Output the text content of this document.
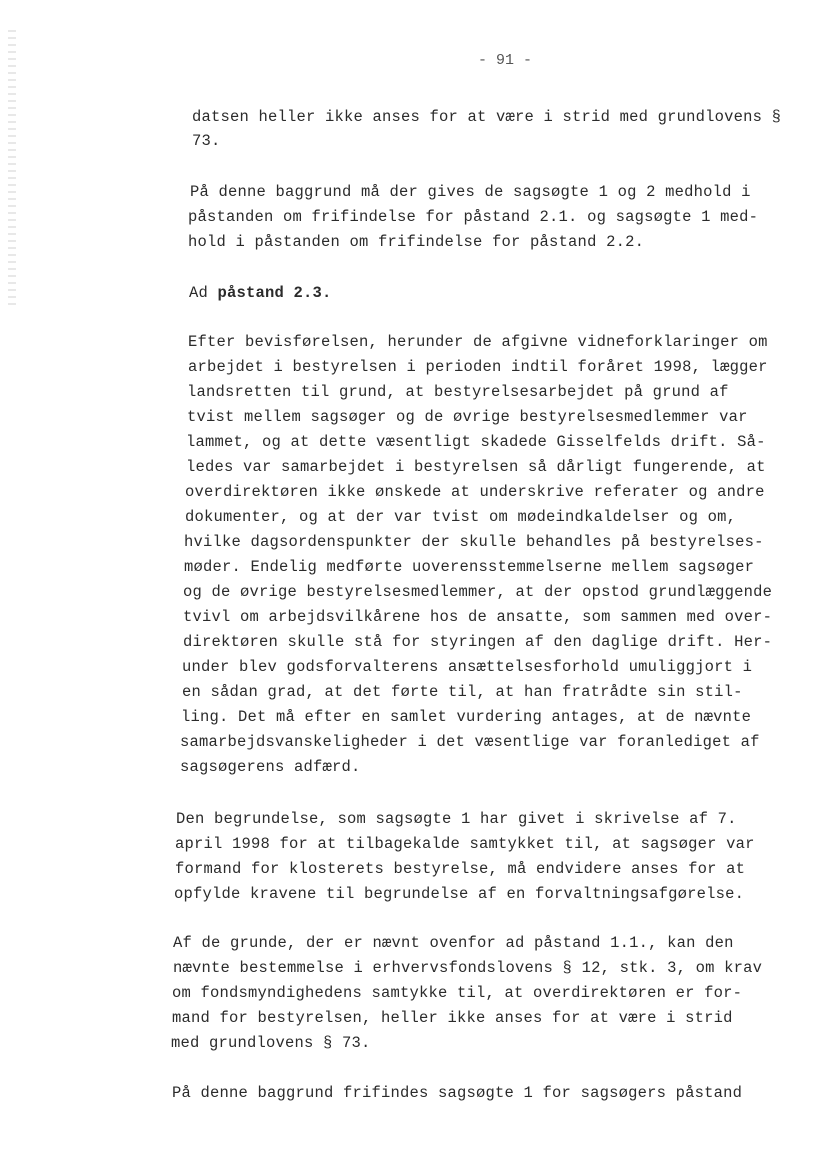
- 91 -
datsen heller ikke anses for at være i strid med grundlovens §
73.
På denne baggrund må der gives de sagsøgte 1 og 2 medhold i
påstanden om frifindelse for påstand 2.1. og sagsøgte 1 med-
hold i påstanden om frifindelse for påstand 2.2.
Ad påstand 2.3.
Efter bevisførelsen, herunder de afgivne vidneforklaringer om
arbejdet i bestyrelsen i perioden indtil foråret 1998, lægger
landsretten til grund, at bestyrelsesarbejdet på grund af
tvist mellem sagsøger og de øvrige bestyrelsesmedlemmer var
lammet, og at dette væsentligt skadede Gisselfelds drift. Så-
ledes var samarbejdet i bestyrelsen så dårligt fungerende, at
overdirektøren ikke ønskede at underskrive referater og andre
dokumenter, og at der var tvist om mødeindkaldelser og om,
hvilke dagsordenspunkter der skulle behandles på bestyrelses-
møder. Endelig medførte uoverensstemmelserne mellem sagsøger
og de øvrige bestyrelsesmedlemmer, at der opstod grundlæggende
tvivl om arbejdsvilkårene hos de ansatte, som sammen med over-
direktøren skulle stå for styringen af den daglige drift. Her-
under blev godsforvalterens ansættelsesforhold umuliggjort i
en sådan grad, at det førte til, at han fratrådte sin stil-
ling. Det må efter en samlet vurdering antages, at de nævnte
samarbejdsvanskeligheder i det væsentlige var foranlediget af
sagsøgerens adfærd.
Den begrundelse, som sagsøgte 1 har givet i skrivelse af 7.
april 1998 for at tilbagekalde samtykket til, at sagsøger var
formand for klosterets bestyrelse, må endvidere anses for at
opfylde kravene til begrundelse af en forvaltningsafgørelse.
Af de grunde, der er nævnt ovenfor ad påstand 1.1., kan den
nævnte bestemmelse i erhvervsfondslovens § 12, stk. 3, om krav
om fondsmyndighedens samtykke til, at overdirektøren er for-
mand for bestyrelsen, heller ikke anses for at være i strid
med grundlovens § 73.
På denne baggrund frifindes sagsøgte 1 for sagsøgers påstand
